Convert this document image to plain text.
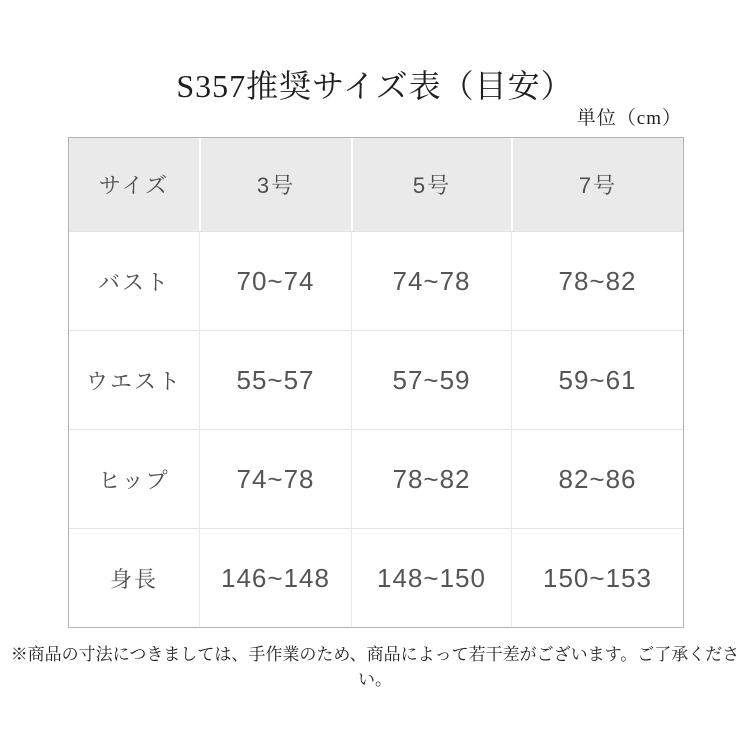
S357推奨サイズ表（目安）
単位（cm）
サイズ	3号	5号	7号
バスト	70~74	74~78	78~82
ウエスト	55~57	57~59	59~61
ヒップ	74~78	78~82	82~86
身長	146~148	148~150	150~153
※商品の寸法につきましては、手作業のため、商品によって若干差がございます。ご了承ください。
